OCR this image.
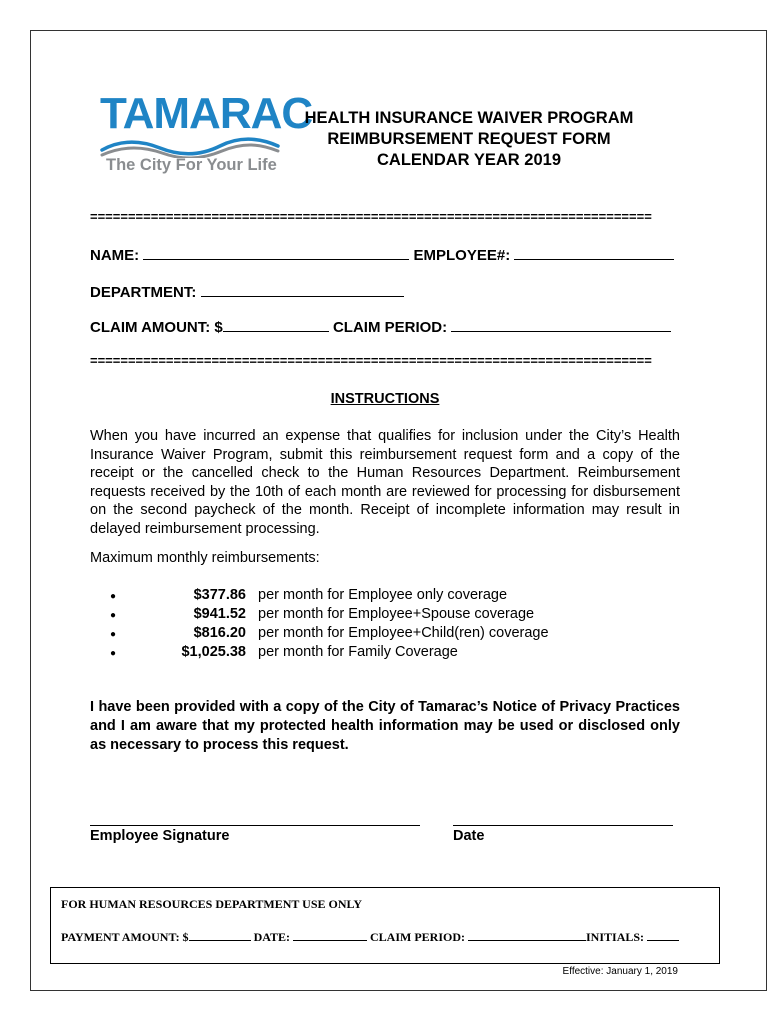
TAMARAC
The City For Your Life
HEALTH INSURANCE WAIVER PROGRAM
REIMBURSEMENT REQUEST FORM
CALENDAR YEAR 2019
==========================================================================
NAME:	EMPLOYEE#:
DEPARTMENT:
CLAIM AMOUNT: $	CLAIM PERIOD:
==========================================================================
INSTRUCTIONS

When you have incurred an expense that qualifies for inclusion under the City’s Health Insurance Waiver Program, submit this reimbursement request form and a copy of the receipt or the cancelled check to the Human Resources Department. Reimbursement requests received by the 10th of each month are reviewed for processing for disbursement on the second paycheck of the month. Receipt of incomplete information may result in delayed reimbursement processing.

Maximum monthly reimbursements:
●	$377.86 per month for Employee only coverage
●	$941.52 per month for Employee+Spouse coverage
●	$816.20 per month for Employee+Child(ren) coverage
●	$1,025.38 per month for Family Coverage
I have been provided with a copy of the City of Tamarac’s Notice of Privacy Practices and I am aware that my protected health information may be used or disclosed only as necessary to process this request.
Employee Signature	Date
FOR HUMAN RESOURCES DEPARTMENT USE ONLY
PAYMENT AMOUNT: $	DATE:	CLAIM PERIOD:	INITIALS:
Effective: January 1, 2019
